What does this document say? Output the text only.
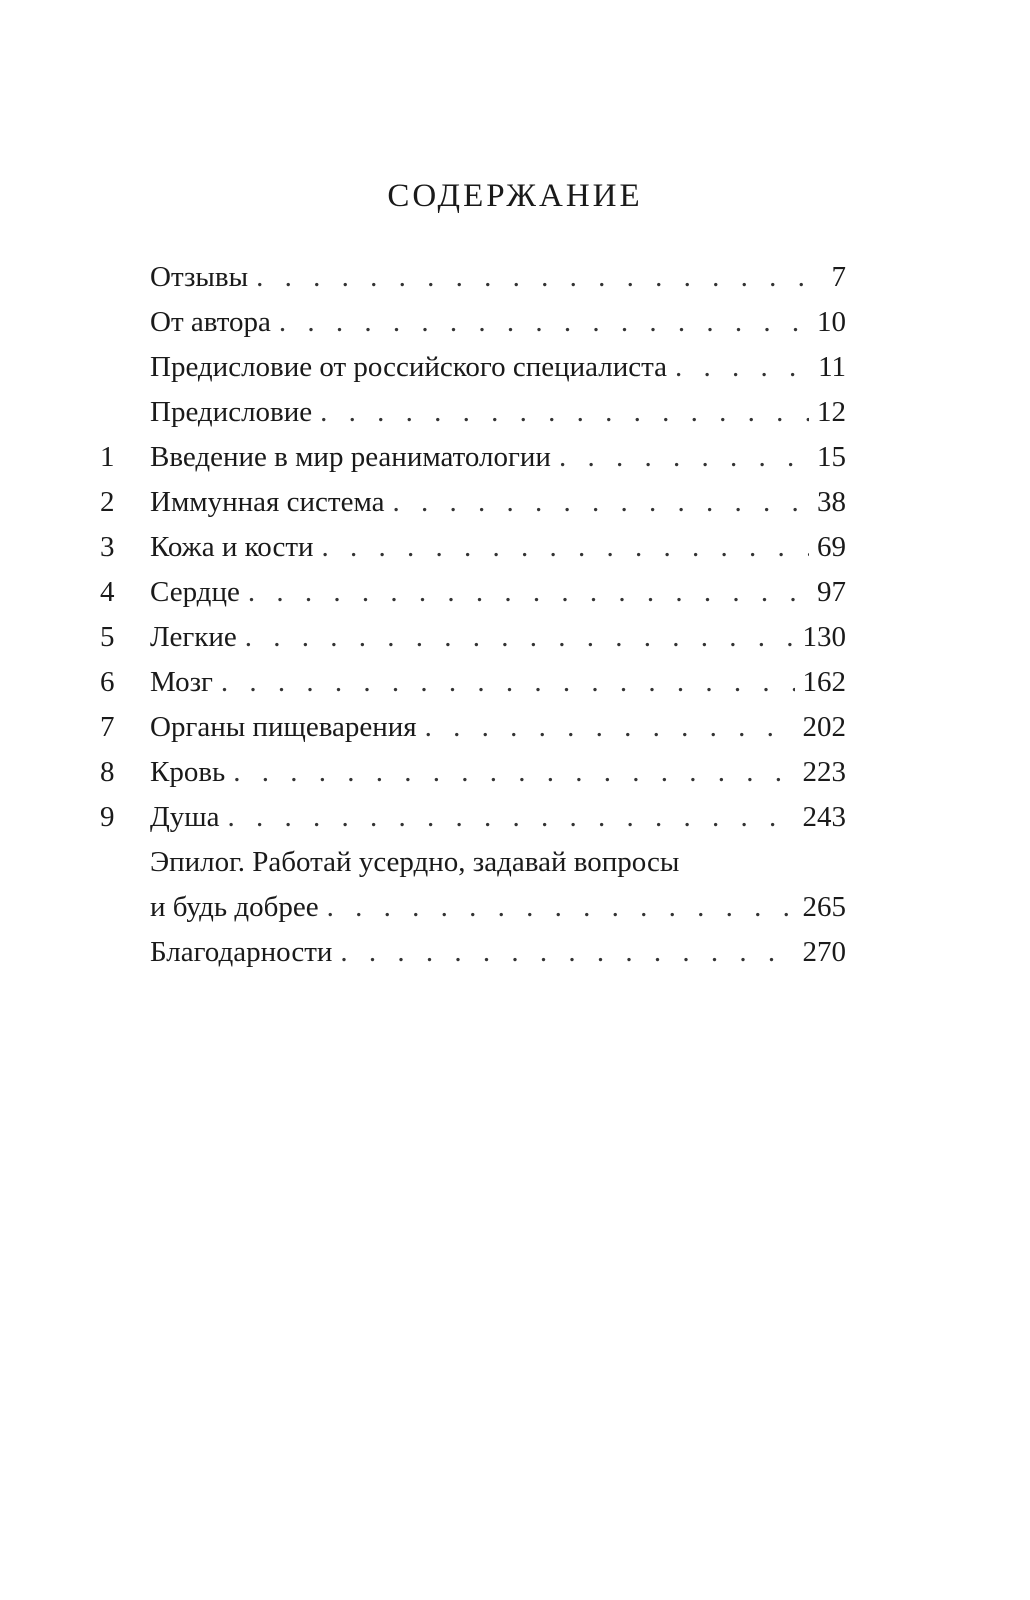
СОДЕРЖАНИЕ
Отзывы . . .	7
От автора . . .	10
Предисловие от российского специалиста . . .	11
Предисловие . . .	12
1	Введение в мир реаниматологии . . .	15
2	Иммунная система . . .	38
3	Кожа и кости . . .	69
4	Сердце . . .	97
5	Легкие . . .	130
6	Мозг . . .	162
7	Органы пищеварения . . .	202
8	Кровь . . .	223
9	Душа . . .	243
Эпилог. Работай усердно, задавай вопросы
и будь добрее . . .	265
Благодарности . . .	270
